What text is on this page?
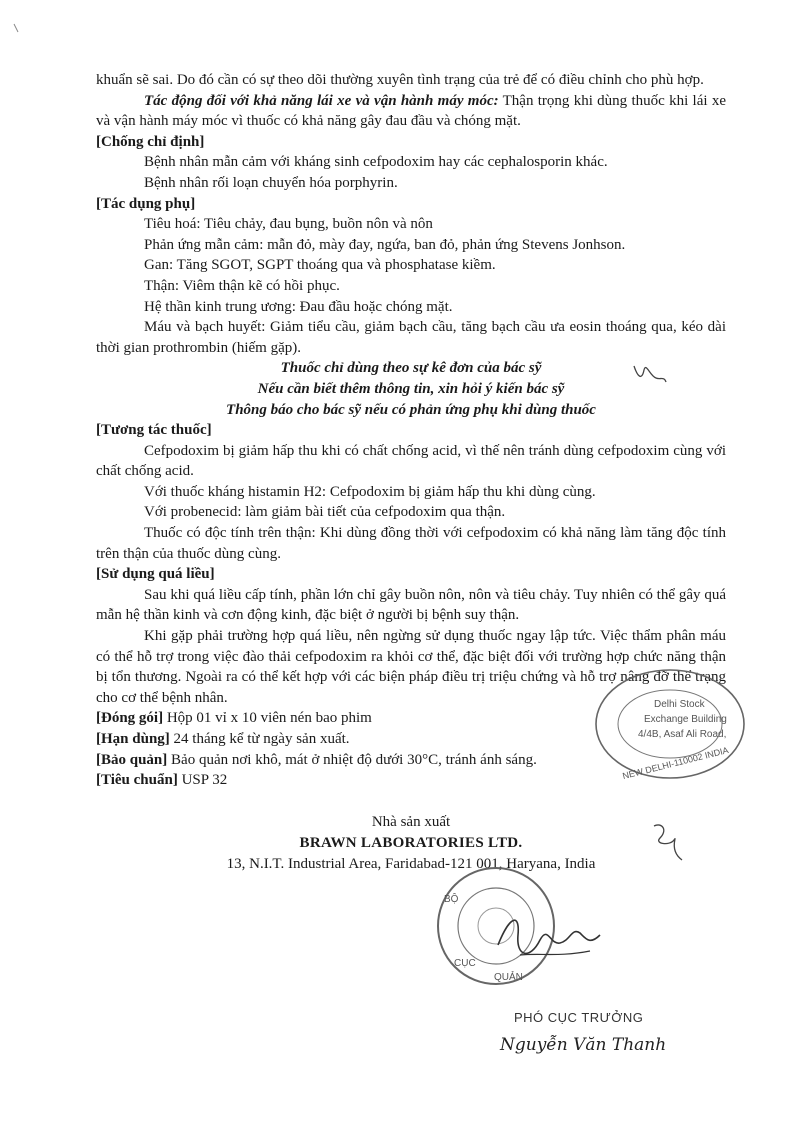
khuẩn sẽ sai. Do đó cần có sự theo dõi thường xuyên tình trạng của trẻ để có điều chỉnh cho phù hợp.

Tác động đối với khả năng lái xe và vận hành máy móc: Thận trọng khi dùng thuốc khi lái xe và vận hành máy móc vì thuốc có khả năng gây đau đầu và chóng mặt.

[Chống chỉ định]

Bệnh nhân mẫn cảm với kháng sinh cefpodoxim hay các cephalosporin khác.

Bệnh nhân rối loạn chuyển hóa porphyrin.

[Tác dụng phụ]

Tiêu hoá: Tiêu chảy, đau bụng, buồn nôn và nôn

Phản ứng mẫn cảm: mẫn đỏ, mày đay, ngứa, ban đỏ, phản ứng Stevens Jonhson.

Gan: Tăng SGOT, SGPT thoáng qua và phosphatase kiềm.

Thận: Viêm thận kẽ có hồi phục.

Hệ thần kinh trung ương: Đau đầu hoặc chóng mặt.

Máu và bạch huyết: Giảm tiểu cầu, giảm bạch cầu, tăng bạch cầu ưa eosin thoáng qua, kéo dài thời gian prothrombin (hiếm gặp).

Thuốc chỉ dùng theo sự kê đơn của bác sỹ

Nếu cần biết thêm thông tin, xin hỏi ý kiến bác sỹ

Thông báo cho bác sỹ nếu có phản ứng phụ khi dùng thuốc

[Tương tác thuốc]

Cefpodoxim bị giảm hấp thu khi có chất chống acid, vì thế nên tránh dùng cefpodoxim cùng với chất chống acid.

Với thuốc kháng histamin H2: Cefpodoxim bị giảm hấp thu khi dùng cùng.

Với probenecid: làm giảm bài tiết của cefpodoxim qua thận.

Thuốc có độc tính trên thận: Khi dùng đồng thời với cefpodoxim có khả năng làm tăng độc tính trên thận của thuốc dùng cùng.

[Sử dụng quá liều]

Sau khi quá liều cấp tính, phần lớn chỉ gây buồn nôn, nôn và tiêu chảy. Tuy nhiên có thể gây quá mẫn hệ thần kinh và cơn động kinh, đặc biệt ở người bị bệnh suy thận.

Khi gặp phải trường hợp quá liều, nên ngừng sử dụng thuốc ngay lập tức. Việc thẩm phân máu có thể hỗ trợ trong việc đào thải cefpodoxim ra khỏi cơ thể, đặc biệt đối với trường hợp chức năng thận bị tổn thương. Ngoài ra có thể kết hợp với các biện pháp điều trị triệu chứng và hỗ trợ nâng đỡ thể trạng cho cơ thể bệnh nhân.

[Đóng gói] Hộp 01 vỉ x 10 viên nén bao phim

[Hạn dùng] 24 tháng kể từ ngày sản xuất.

[Bảo quản] Bảo quản nơi khô, mát ở nhiệt độ dưới 30°C, tránh ánh sáng.

[Tiêu chuẩn] USP 32

Nhà sản xuất
BRAWN LABORATORIES LTD.
13, N.I.T. Industrial Area, Faridabad-121 001, Haryana, India
Delhi Stock
Exchange Building
4/4B, Asaf Ali Road,
NEW DELHI-110002 INDIA
BỘ
CỤC
QUẢN
PHÓ CỤC TRƯỞNG
Nguyễn Văn Thanh
